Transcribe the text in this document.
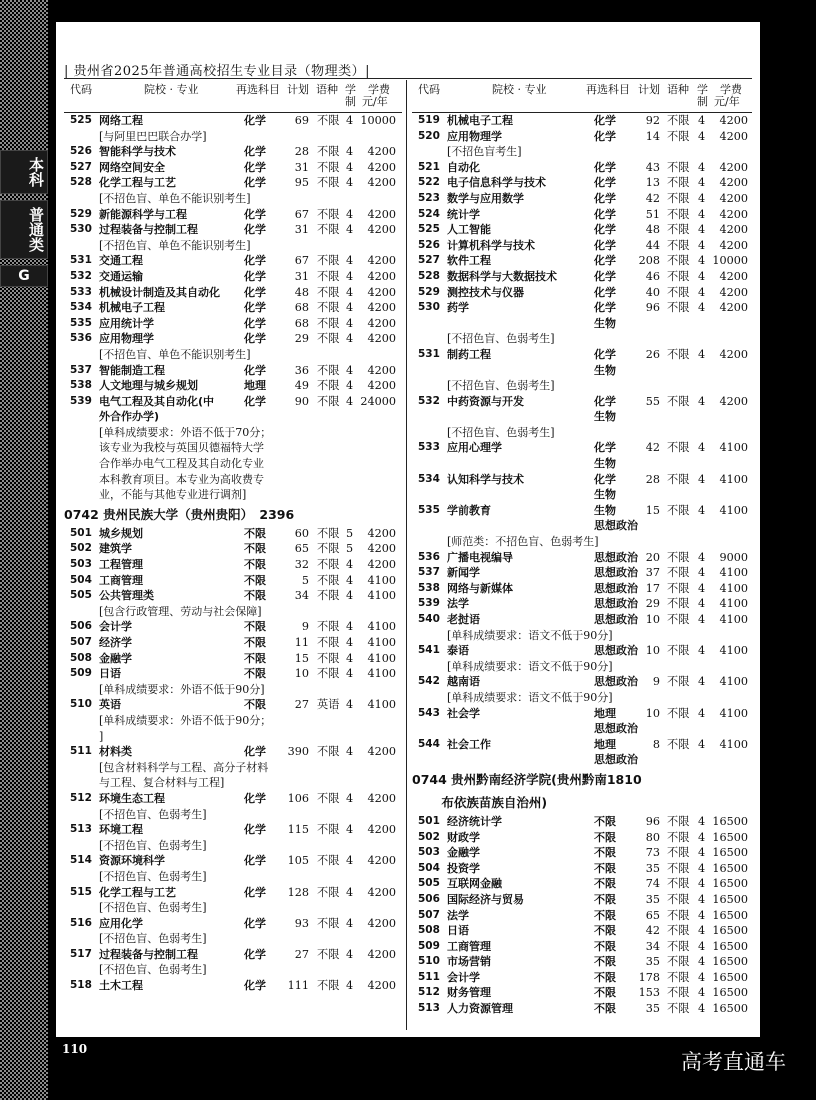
本科
普通类
G
| 贵州省2025年普通高校招生专业目录（物理类）|
代码	院校 · 专业	再选科目 计划 语种 学
制
学费
元/年
525 网络工程	化学	69 不限 4 10000
[与阿里巴巴联合办学]
526 智能科学与技术	化学	28 不限 4	4200
527 网络空间安全	化学	31 不限 4	4200
528 化学工程与工艺	化学	95 不限 4	4200
[不招色盲、单色不能识别考生]
529 新能源科学与工程	化学	67 不限 4	4200
530 过程装备与控制工程	化学	31 不限 4	4200
[不招色盲、单色不能识别考生]
531 交通工程	化学	67 不限 4	4200
532 交通运输	化学	31 不限 4	4200
533 机械设计制造及其自动化 化学	48 不限 4	4200
534 机械电子工程	化学	68 不限 4	4200
535 应用统计学	化学	68 不限 4	4200
536 应用物理学	化学	29 不限 4	4200
[不招色盲、单色不能识别考生]
537 智能制造工程	化学	36 不限 4	4200
538 人文地理与城乡规划	地理	49 不限 4	4200
539 电气工程及其自动化(中	化学	90 不限 4 24000
外合作办学)
[单科成绩要求：外语不低于70分；
该专业为我校与英国贝德福特大学
合作举办电气工程及其自动化专业
本科教育项目。本专业为高收费专
业，不能与其他专业进行调剂]
0742 贵州民族大学（贵州贵阳）　2396
501 城乡规划	不限	60 不限 5	4200
502 建筑学	不限	65 不限 5	4200
503 工程管理	不限	32 不限 4	4200
504 工商管理	不限	5 不限 4	4100
505 公共管理类	不限	34 不限 4	4100
[包含行政管理、劳动与社会保障]
506 会计学	不限	9 不限 4	4100
507 经济学	不限	11 不限 4	4100
508 金融学	不限	15 不限 4	4100
509 日语	不限	10 不限 4	4100
[单科成绩要求：外语不低于90分]
510 英语	不限	27 英语 4	4100
[单科成绩要求：外语不低于90分；
]
511 材料类	化学 390 不限 4	4200
[包含材料科学与工程、高分子材料
与工程、复合材料与工程]
512 环境生态工程	化学 106 不限 4	4200
[不招色盲、色弱考生]
513 环境工程	化学 115 不限 4	4200
[不招色盲、色弱考生]
514 资源环境科学	化学 105 不限 4	4200
[不招色盲、色弱考生]
515 化学工程与工艺	化学 128 不限 4	4200
[不招色盲、色弱考生]
516 应用化学	化学	93 不限 4	4200
[不招色盲、色弱考生]
517 过程装备与控制工程	化学	27 不限 4	4200
[不招色盲、色弱考生]
518 土木工程	化学 111 不限 4	4200
代码	院校 · 专业	再选科目 计划 语种 学
制
学费
元/年
519 机械电子工程	化学	92 不限 4	4200
520 应用物理学	化学	14 不限 4	4200
[不招色盲考生]
521 自动化	化学	43 不限 4	4200
522 电子信息科学与技术	化学	13 不限 4	4200
523 数学与应用数学	化学	42 不限 4	4200
524 统计学	化学	51 不限 4	4200
525 人工智能	化学	48 不限 4	4200
526 计算机科学与技术	化学	44 不限 4	4200
527 软件工程	化学 208 不限 4 10000
528 数据科学与大数据技术	化学	46 不限 4	4200
529 测控技术与仪器	化学	40 不限 4	4200
530 药学	化学	96 不限 4	4200
生物
[不招色盲、色弱考生]
531 制药工程	化学	26 不限 4	4200
生物
[不招色盲、色弱考生]
532 中药资源与开发	化学	55 不限 4	4200
生物
[不招色盲、色弱考生]
533 应用心理学	化学	42 不限 4	4100
生物
534 认知科学与技术	化学	28 不限 4	4100
生物
535 学前教育	生物	15 不限 4	4100
思想政治
[师范类：不招色盲、色弱考生]
536 广播电视编导	思想政治 20 不限 4	9000
537 新闻学	思想政治 37 不限 4	4100
538 网络与新媒体	思想政治 17 不限 4	4100
539 法学	思想政治 29 不限 4	4100
540 老挝语	思想政治 10 不限 4	4100
[单科成绩要求：语文不低于90分]
541 泰语	思想政治 10 不限 4	4100
[单科成绩要求：语文不低于90分]
542 越南语	思想政治	9 不限 4	4100
[单科成绩要求：语文不低于90分]
543 社会学	地理	10 不限 4	4100
思想政治
544 社会工作	地理	8 不限 4	4100
思想政治
0744 贵州黔南经济学院(贵州黔南1810
　　 布依族苗族自治州)
501 经济统计学	不限	96 不限 4 16500
502 财政学	不限	80 不限 4 16500
503 金融学	不限	73 不限 4 16500
504 投资学	不限	35 不限 4 16500
505 互联网金融	不限	74 不限 4 16500
506 国际经济与贸易	不限	35 不限 4 16500
507 法学	不限	65 不限 4 16500
508 日语	不限	42 不限 4 16500
509 工商管理	不限	34 不限 4 16500
510 市场营销	不限	35 不限 4 16500
511 会计学	不限 178 不限 4 16500
512 财务管理	不限 153 不限 4 16500
513 人力资源管理	不限	35 不限 4 16500
110
高考直通车
